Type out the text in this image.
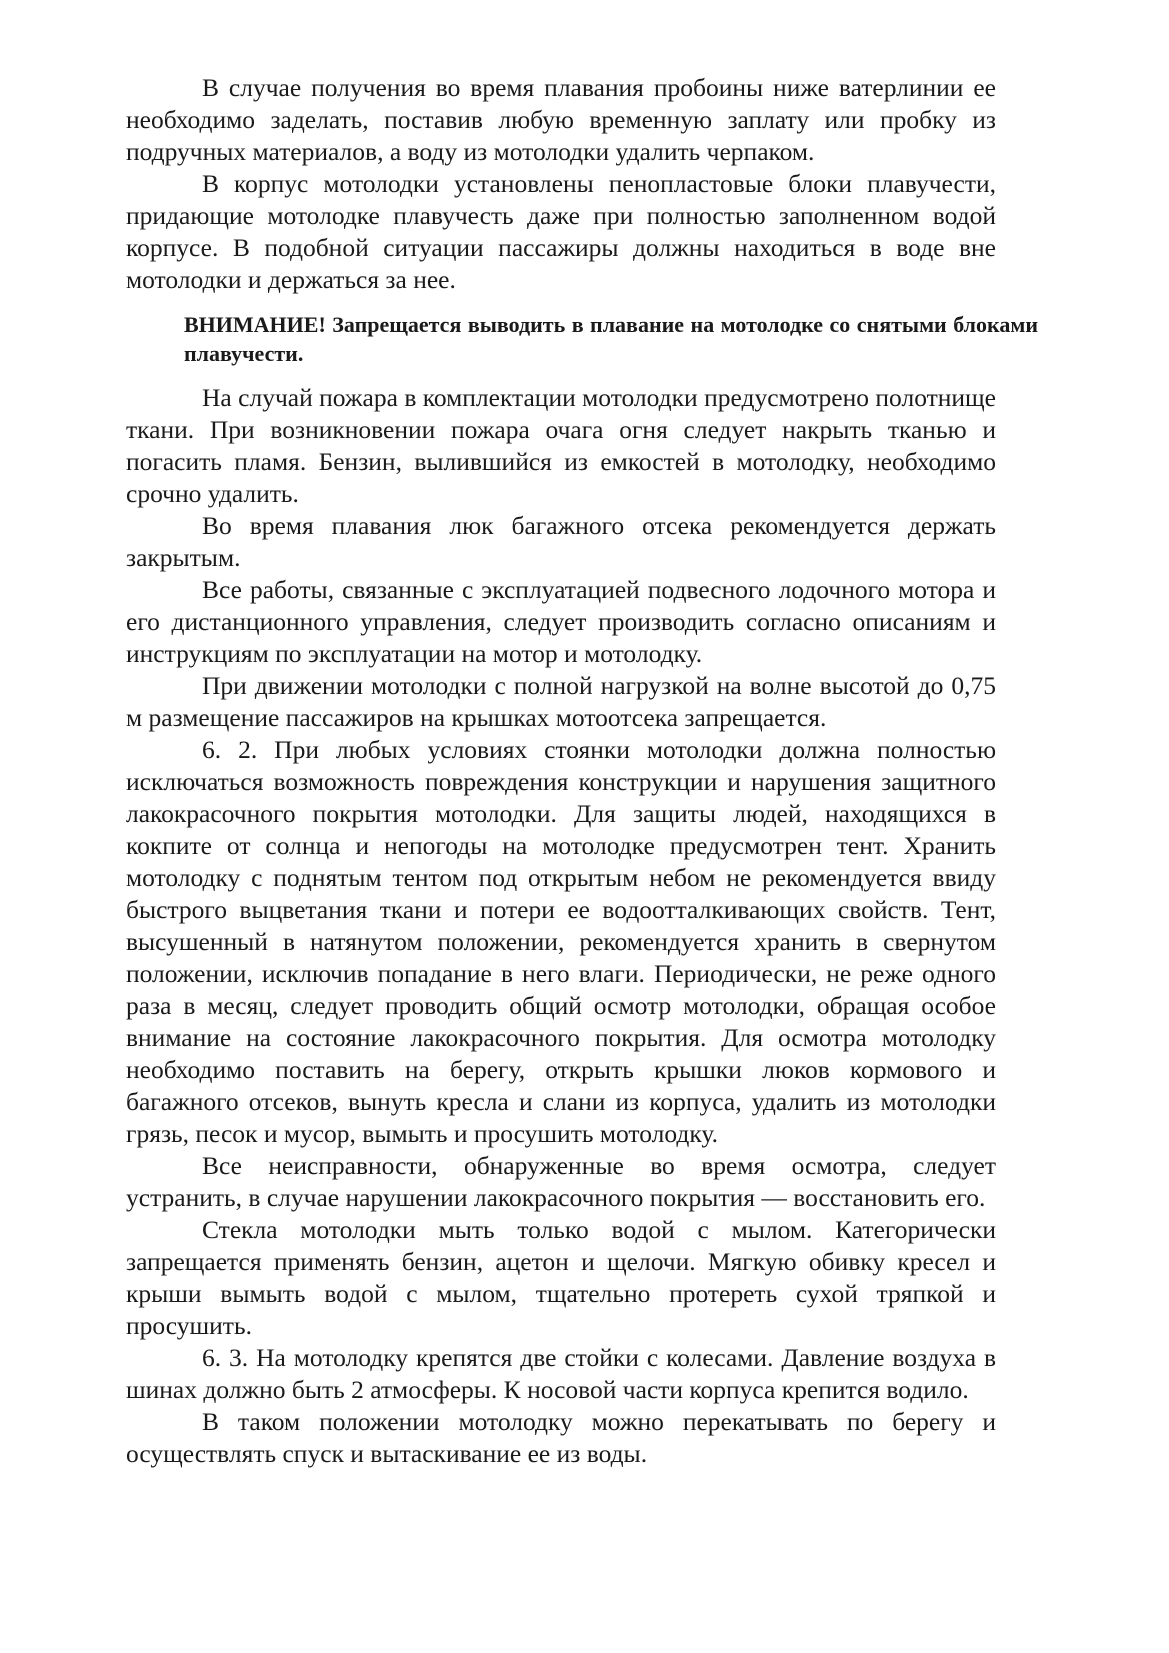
В случае получения во время плавания пробоины ниже ватерлинии ее необходимо заделать, поставив любую временную заплату или пробку из подручных материалов, а воду из мотолодки удалить черпаком.

В корпус мотолодки установлены пенопластовые блоки плавучести, придающие мотолодке плавучесть даже при полностью заполненном водой корпусе. В подобной ситуации пассажиры должны находиться в воде вне мотолодки и держаться за нее.

ВНИМАНИЕ! Запрещается выводить в плавание на мотолодке со снятыми блоками плавучести.

На случай пожара в комплектации мотолодки предусмотрено полотнище ткани. При возникновении пожара очага огня следует накрыть тканью и погасить пламя. Бензин, вылившийся из емкостей в мотолодку, необходимо срочно удалить.

Во время плавания люк багажного отсека рекомендуется держать закрытым.

Все работы, связанные с эксплуатацией подвесного лодочного мотора и его дистанционного управления, следует производить согласно описаниям и инструкциям по эксплуатации на мотор и мотолодку.

При движении мотолодки с полной нагрузкой на волне высотой до 0,75 м размещение пассажиров на крышках мотоотсека запрещается.

6. 2. При любых условиях стоянки мотолодки должна полностью исключаться возможность повреждения конструкции и нарушения защитного лакокрасочного покрытия мотолодки. Для защиты людей, находящихся в кокпите от солнца и непогоды на мотолодке предусмотрен тент. Хранить мотолодку с поднятым тентом под открытым небом не рекомендуется ввиду быстрого выцветания ткани и потери ее водоотталкивающих свойств. Тент, высушенный в натянутом положении, рекомендуется хранить в свернутом положении, исключив попадание в него влаги. Периодически, не реже одного раза в месяц, следует проводить общий осмотр мотолодки, обращая особое внимание на состояние лакокрасочного покрытия. Для осмотра мотолодку необходимо поставить на берегу, открыть крышки люков кормового и багажного отсеков, вынуть кресла и слани из корпуса, удалить из мотолодки грязь, песок и мусор, вымыть и просушить мотолодку.

Все неисправности, обнаруженные во время осмотра, следует устранить, в случае нарушении лакокрасочного покрытия — восстановить его.

Стекла мотолодки мыть только водой с мылом. Категорически запрещается применять бензин, ацетон и щелочи. Мягкую обивку кресел и крыши вымыть водой с мылом, тщательно протереть сухой тряпкой и просушить.

6. 3. На мотолодку крепятся две стойки с колесами. Давление воздуха в шинах должно быть 2 атмосферы. К носовой части корпуса крепится водило.

В таком положении мотолодку можно перекатывать по берегу и осуществлять спуск и вытаскивание ее из воды.
